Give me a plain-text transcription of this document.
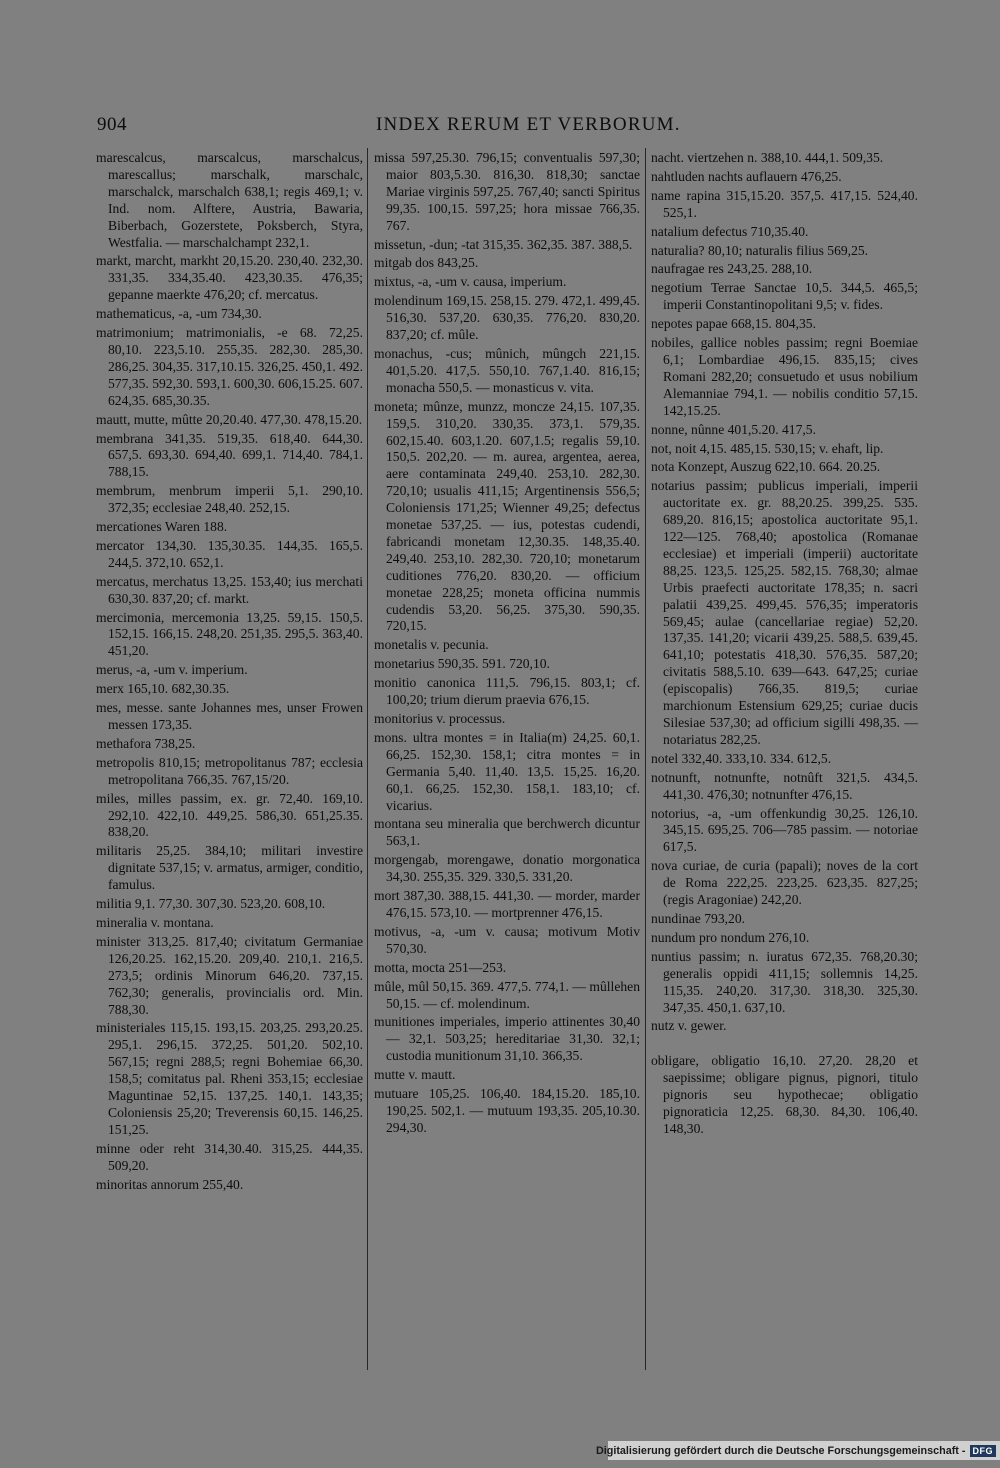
904	INDEX RERUM ET VERBORUM.

marescalcus, marscalcus, marschalcus, marescallus; marschalk, marschalc, marschalck, marschalch 638,1; regis 469,1; v. Ind. nom. Alftere, Austria, Bawaria, Biberbach, Gozerstete, Poksberch, Styra, Westfalia. — marschalchampt 232,1.

markt, marcht, markht 20,15.20. 230,40. 232,30. 331,35. 334,35.40. 423,30.35. 476,35; gepanne maerkte 476,20; cf. mercatus.

mathematicus, -a, -um 734,30.

matrimonium; matrimonialis, -e 68. 72,25. 80,10. 223,5.10. 255,35. 282,30. 285,30. 286,25. 304,35. 317,10.15. 326,25. 450,1. 492. 577,35. 592,30. 593,1. 600,30. 606,15.25. 607. 624,35. 685,30.35.

mautt, mutte, mûtte 20,20.40. 477,30. 478,15.20.

membrana 341,35. 519,35. 618,40. 644,30. 657,5. 693,30. 694,40. 699,1. 714,40. 784,1. 788,15.

membrum, menbrum imperii 5,1. 290,10. 372,35; ecclesiae 248,40. 252,15.

mercationes Waren 188.

mercator 134,30. 135,30.35. 144,35. 165,5. 244,5. 372,10. 652,1.

mercatus, merchatus 13,25. 153,40; ius merchati 630,30. 837,20; cf. markt.

mercimonia, mercemonia 13,25. 59,15. 150,5. 152,15. 166,15. 248,20. 251,35. 295,5. 363,40. 451,20.

merus, -a, -um v. imperium.

merx 165,10. 682,30.35.

mes, messe. sante Johannes mes, unser Frowen messen 173,35.

methafora 738,25.

metropolis 810,15; metropolitanus 787; ecclesia metropolitana 766,35. 767,15/20.

miles, milles passim, ex. gr. 72,40. 169,10. 292,10. 422,10. 449,25. 586,30. 651,25.35. 838,20.

militaris 25,25. 384,10; militari investire dignitate 537,15; v. armatus, armiger, conditio, famulus.

militia 9,1. 77,30. 307,30. 523,20. 608,10.

mineralia v. montana.

minister 313,25. 817,40; civitatum Germaniae 126,20.25. 162,15.20. 209,40. 210,1. 216,5. 273,5; ordinis Minorum 646,20. 737,15. 762,30; generalis, provincialis ord. Min. 788,30.

ministeriales 115,15. 193,15. 203,25. 293,20.25. 295,1. 296,15. 372,25. 501,20. 502,10. 567,15; regni 288,5; regni Bohemiae 66,30. 158,5; comitatus pal. Rheni 353,15; ecclesiae Maguntinae 52,15. 137,25. 140,1. 143,35; Coloniensis 25,20; Treverensis 60,15. 146,25. 151,25.

minne oder reht 314,30.40. 315,25. 444,35. 509,20.

minoritas annorum 255,40.

missa 597,25.30. 796,15; conventualis 597,30; maior 803,5.30. 816,30. 818,30; sanctae Mariae virginis 597,25. 767,40; sancti Spiritus 99,35. 100,15. 597,25; hora missae 766,35. 767.

missetun, -dun; -tat 315,35. 362,35. 387. 388,5.

mitgab dos 843,25.

mixtus, -a, -um v. causa, imperium.

molendinum 169,15. 258,15. 279. 472,1. 499,45. 516,30. 537,20. 630,35. 776,20. 830,20. 837,20; cf. mûle.

monachus, -cus; mûnich, mûngch 221,15. 401,5.20. 417,5. 550,10. 767,1.40. 816,15; monacha 550,5. — monasticus v. vita.

moneta; mûnze, munzz, moncze 24,15. 107,35. 159,5. 310,20. 330,35. 373,1. 579,35. 602,15.40. 603,1.20. 607,1.5; regalis 59,10. 150,5. 202,20. — m. aurea, argentea, aerea, aere contaminata 249,40. 253,10. 282,30. 720,10; usualis 411,15; Argentinensis 556,5; Coloniensis 171,25; Wienner 49,25; defectus monetae 537,25. — ius, potestas cudendi, fabricandi monetam 12,30.35. 148,35.40. 249,40. 253,10. 282,30. 720,10; monetarum cuditiones 776,20. 830,20. — officium monetae 228,25; moneta officina nummis cudendis 53,20. 56,25. 375,30. 590,35. 720,15.

monetalis v. pecunia.

monetarius 590,35. 591. 720,10.

monitio canonica 111,5. 796,15. 803,1; cf. 100,20; trium dierum praevia 676,15.

monitorius v. processus.

mons. ultra montes = in Italia(m) 24,25. 60,1. 66,25. 152,30. 158,1; citra montes = in Germania 5,40. 11,40. 13,5. 15,25. 16,20. 60,1. 66,25. 152,30. 158,1. 183,10; cf. vicarius.

montana seu mineralia que berchwerch dicuntur 563,1.

morgengab, morengawe, donatio morgonatica 34,30. 255,35. 329. 330,5. 331,20.

mort 387,30. 388,15. 441,30. — morder, marder 476,15. 573,10. — mortprenner 476,15.

motivus, -a, -um v. causa; motivum Motiv 570,30.

motta, mocta 251—253.

mûle, mûl 50,15. 369. 477,5. 774,1. — mûllehen 50,15. — cf. molendinum.

munitiones imperiales, imperio attinentes 30,40 — 32,1. 503,25; hereditariae 31,30. 32,1; custodia munitionum 31,10. 366,35.

mutte v. mautt.

mutuare 105,25. 106,40. 184,15.20. 185,10. 190,25. 502,1. — mutuum 193,35. 205,10.30. 294,30.

nacht. viertzehen n. 388,10. 444,1. 509,35.

nahtluden nachts auflauern 476,25.

name rapina 315,15.20. 357,5. 417,15. 524,40. 525,1.

natalium defectus 710,35.40.

naturalia? 80,10; naturalis filius 569,25.

naufragae res 243,25. 288,10.

negotium Terrae Sanctae 10,5. 344,5. 465,5; imperii Constantinopolitani 9,5; v. fides.

nepotes papae 668,15. 804,35.

nobiles, gallice nobles passim; regni Boemiae 6,1; Lombardiae 496,15. 835,15; cives Romani 282,20; consuetudo et usus nobilium Alemanniae 794,1. — nobilis conditio 57,15. 142,15.25.

nonne, nûnne 401,5.20. 417,5.

not, noit 4,15. 485,15. 530,15; v. ehaft, lip.

nota Konzept, Auszug 622,10. 664. 20.25.

notarius passim; publicus imperiali, imperii auctoritate ex. gr. 88,20.25. 399,25. 535. 689,20. 816,15; apostolica auctoritate 95,1. 122—125. 768,40; apostolica (Romanae ecclesiae) et imperiali (imperii) auctoritate 88,25. 123,5. 125,25. 582,15. 768,30; almae Urbis praefecti auctoritate 178,35; n. sacri palatii 439,25. 499,45. 576,35; imperatoris 569,45; aulae (cancellariae regiae) 52,20. 137,35. 141,20; vicarii 439,25. 588,5. 639,45. 641,10; potestatis 418,30. 576,35. 587,20; civitatis 588,5.10. 639—643. 647,25; curiae (episcopalis) 766,35. 819,5; curiae marchionum Estensium 629,25; curiae ducis Silesiae 537,30; ad officium sigilli 498,35. — notariatus 282,25.

notel 332,40. 333,10. 334. 612,5.

notnunft, notnunfte, notnûft 321,5. 434,5. 441,30. 476,30; notnunfter 476,15.

notorius, -a, -um offenkundig 30,25. 126,10. 345,15. 695,25. 706—785 passim. — notoriae 617,5.

nova curiae, de curia (papali); noves de la cort de Roma 222,25. 223,25. 623,35. 827,25; (regis Aragoniae) 242,20.

nundinae 793,20.

nundum pro nondum 276,10.

nuntius passim; n. iuratus 672,35. 768,20.30; generalis oppidi 411,15; sollemnis 14,25. 115,35. 240,20. 317,30. 318,30. 325,30. 347,35. 450,1. 637,10.

nutz v. gewer.

obligare, obligatio 16,10. 27,20. 28,20 et saepissime; obligare pignus, pignori, titulo pignoris seu hypothecae; obligatio pignoraticia 12,25. 68,30. 84,30. 106,40. 148,30.

Digitalisierung gefördert durch die Deutsche Forschungsgemeinschaft - DFG
